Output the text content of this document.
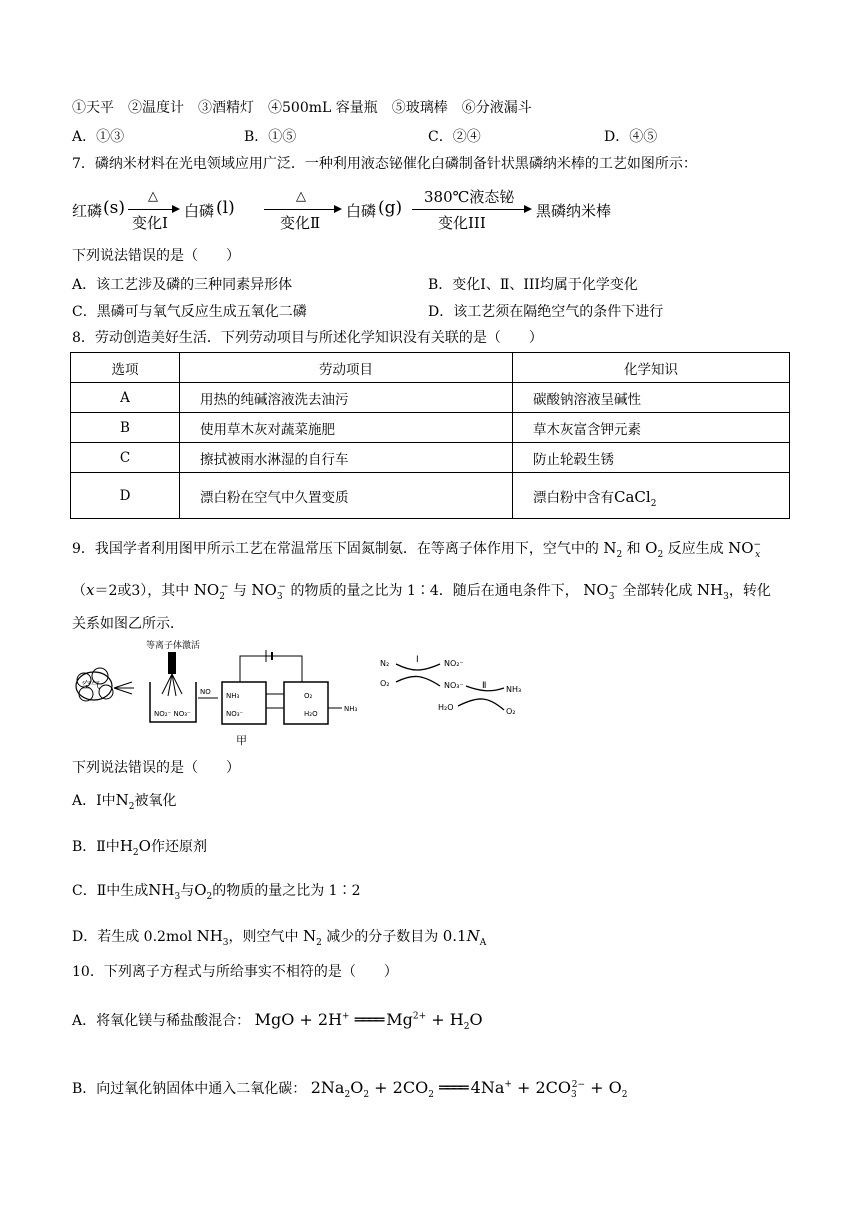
①天平　②温度计　③酒精灯　④500mL 容量瓶　⑤玻璃棒　⑥分液漏斗
A．①③	B．①⑤	C．②④	D．④⑤
7．磷纳米材料在光电领域应用广泛．一种利用液态铋催化白磷制备针状黑磷纳米棒的工艺如图所示：
红磷 (s)
△
变化Ⅰ
白磷 (l)
△
变化Ⅱ
白磷 (g)
380℃液态铋
变化III
黑磷纳米棒
下列说法错误的是（　　）
A．该工艺涉及磷的三种同素异形体	B．变化Ⅰ、Ⅱ、III均属于化学变化
C．黑磷可与氧气反应生成五氧化二磷	D．该工艺须在隔绝空气的条件下进行
8．劳动创造美好生活．下列劳动项目与所述化学知识没有关联的是（　　）
选项	劳动项目	化学知识
A	用热的纯碱溶液洗去油污	碳酸钠溶液呈碱性
B	使用草木灰对蔬菜施肥	草木灰富含钾元素
C	擦拭被雨水淋湿的自行车	防止轮毂生锈
D	漂白粉在空气中久置变质	漂白粉中含有CaCl$_2$
9．我国学者利用图甲所示工艺在常温常压下固氮制氨．在等离子体作用下，空气中的 $N_2$ 和 $O_2$ 反应生成 $NO^-_x$
（x＝2或3），其中 $NO_2^-$ 与 $NO_3^-$ 的物质的量之比为 1∶4．随后在通电条件下， $NO_3^-$ 全部转化成 $NH_3$，转化
关系如图乙所示．
空气
等离子体激活
NO₂⁻ NO₃⁻
NO NH₃
NO₃⁻
O₂
H₂O
NH₃
甲
N₂
O₂
Ⅰ	NO₂⁻
NO₃⁻ Ⅱ
H₂O
NH₃
O₂
下列说法错误的是（　　）
A．Ⅰ中$N_2$被氧化
B．Ⅱ中$H_2O$作还原剂
C．Ⅱ中生成$NH_3$与$O_2$的物质的量之比为 1∶2
D．若生成 0.2mol $NH_3$，则空气中 $N_2$ 减少的分子数目为 $0.1N_A$
10．下列离子方程式与所给事实不相符的是（　　）
A．将氧化镁与稀盐酸混合： MgO + 2H+ ════ $Mg^{2+} + H_2O$
B．向过氧化钠固体中通入二氧化碳： $2Na_2O_2 + 2CO_2$ ════ $4Na^+ + 2CO_3^{2-} + O_2$
